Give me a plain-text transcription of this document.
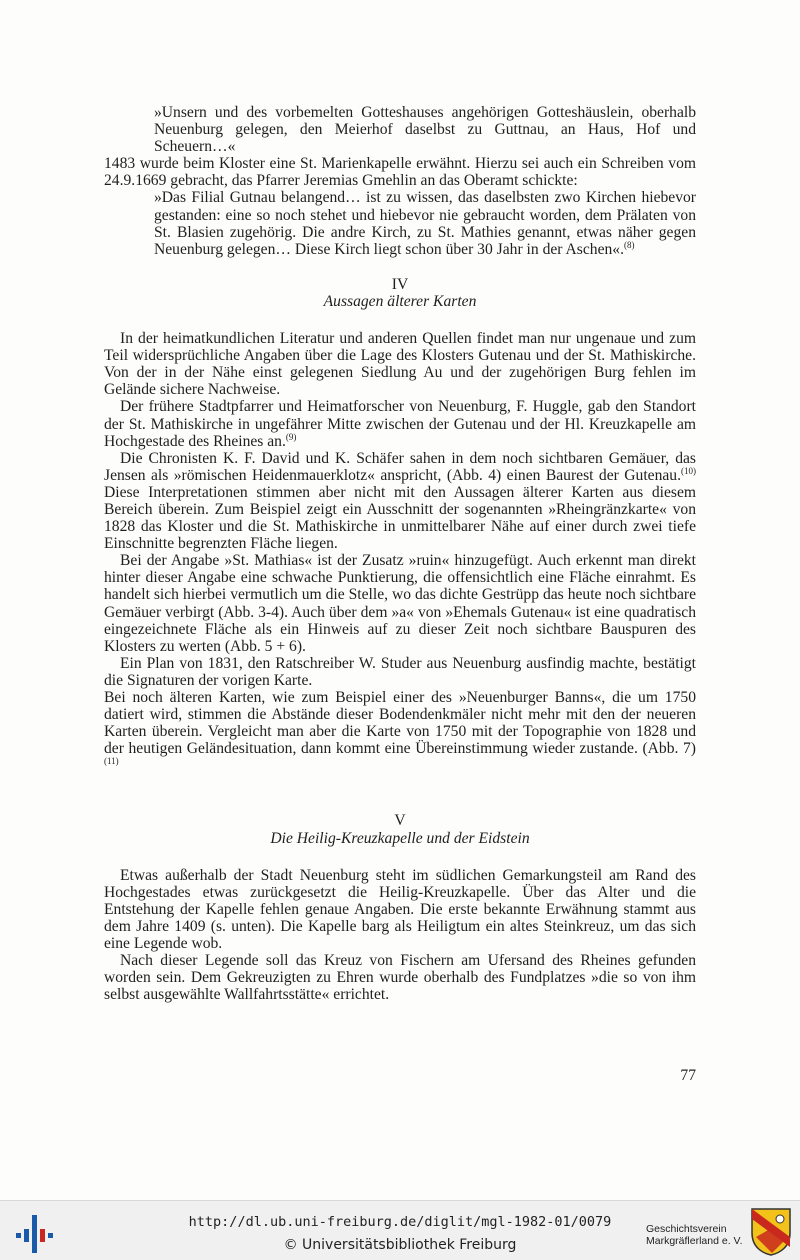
»Unsern und des vorbemelten Gotteshauses angehörigen Gotteshäuslein, oberhalb Neuenburg gelegen, den Meierhof daselbst zu Guttnau, an Haus, Hof und Scheuern…«

1483 wurde beim Kloster eine St. Marienkapelle erwähnt. Hierzu sei auch ein Schreiben vom 24.9.1669 gebracht, das Pfarrer Jeremias Gmehlin an das Oberamt schickte:

»Das Filial Gutnau belangend… ist zu wissen, das daselbsten zwo Kirchen hiebevor gestanden: eine so noch stehet und hiebevor nie gebraucht worden, dem Prälaten von St. Blasien zugehörig. Die andre Kirch, zu St. Mathies genannt, etwas näher gegen Neuenburg gelegen… Diese Kirch liegt schon über 30 Jahr in der Aschen«.$^{(8)}$

IV

Aussagen älterer Karten

In der heimatkundlichen Literatur und anderen Quellen findet man nur ungenaue und zum Teil widersprüchliche Angaben über die Lage des Klosters Gutenau und der St. Mathiskirche. Von der in der Nähe einst gelegenen Siedlung Au und der zugehörigen Burg fehlen im Gelände sichere Nachweise.

Der frühere Stadtpfarrer und Heimatforscher von Neuenburg, F. Huggle, gab den Standort der St. Mathiskirche in ungefährer Mitte zwischen der Gutenau und der Hl. Kreuzkapelle am Hochgestade des Rheines an.$^{(9)}$

Die Chronisten K. F. David und K. Schäfer sahen in dem noch sichtbaren Gemäuer, das Jensen als »römischen Heidenmauerklotz« anspricht, (Abb. 4) einen Baurest der Gutenau.$^{(10)}$ Diese Interpretationen stimmen aber nicht mit den Aussagen älterer Karten aus diesem Bereich überein. Zum Beispiel zeigt ein Ausschnitt der sogenannten »Rheingränzkarte« von 1828 das Kloster und die St. Mathiskirche in unmittelbarer Nähe auf einer durch zwei tiefe Einschnitte begrenzten Fläche liegen.

Bei der Angabe »St. Mathias« ist der Zusatz »ruin« hinzugefügt. Auch erkennt man direkt hinter dieser Angabe eine schwache Punktierung, die offensichtlich eine Fläche einrahmt. Es handelt sich hierbei vermutlich um die Stelle, wo das dichte Gestrüpp das heute noch sichtbare Gemäuer verbirgt (Abb. 3-4). Auch über dem »a« von »Ehemals Gutenau« ist eine quadratisch eingezeichnete Fläche als ein Hinweis auf zu dieser Zeit noch sichtbare Bauspuren des Klosters zu werten (Abb. 5 + 6).

Ein Plan von 1831, den Ratschreiber W. Studer aus Neuenburg ausfindig machte, bestätigt die Signaturen der vorigen Karte.

Bei noch älteren Karten, wie zum Beispiel einer des »Neuenburger Banns«, die um 1750 datiert wird, stimmen die Abstände dieser Bodendenkmäler nicht mehr mit den der neueren Karten überein. Vergleicht man aber die Karte von 1750 mit der Topographie von 1828 und der heutigen Geländesituation, dann kommt eine Übereinstimmung wieder zustande. (Abb. 7)$^{(11)}$

V

Die Heilig-Kreuzkapelle und der Eidstein

Etwas außerhalb der Stadt Neuenburg steht im südlichen Gemarkungsteil am Rand des Hochgestades etwas zurückgesetzt die Heilig-Kreuzkapelle. Über das Alter und die Entstehung der Kapelle fehlen genaue Angaben. Die erste bekannte Erwähnung stammt aus dem Jahre 1409 (s. unten). Die Kapelle barg als Heiligtum ein altes Steinkreuz, um das sich eine Legende wob.

Nach dieser Legende soll das Kreuz von Fischern am Ufersand des Rheines gefunden worden sein. Dem Gekreuzigten zu Ehren wurde oberhalb des Fundplatzes »die so von ihm selbst ausgewählte Wallfahrtsstätte« errichtet.

77
http://dl.ub.uni-freiburg.de/diglit/mgl-1982-01/0079
© Universitätsbibliothek Freiburg
Geschichtsverein
Markgräflerland e. V.
